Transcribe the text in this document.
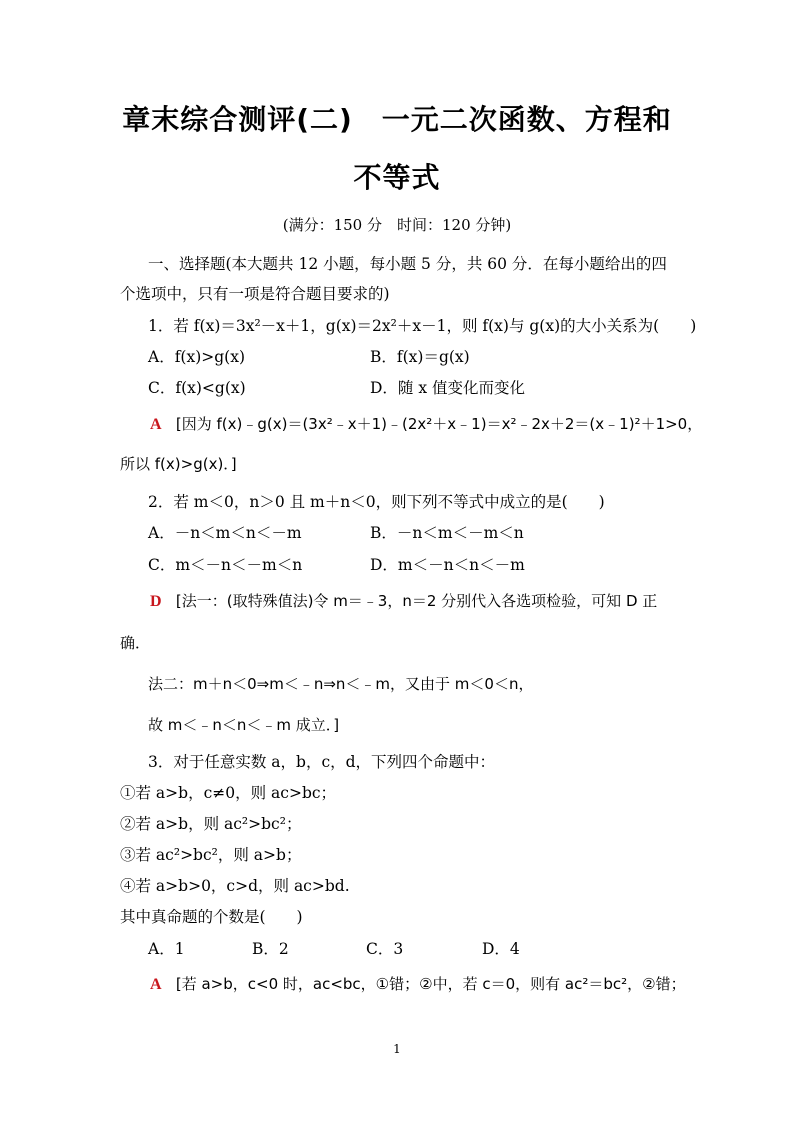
章末综合测评(二)　一元二次函数、方程和
不等式
(满分：150 分　时间：120 分钟)
一、选择题(本大题共 12 小题，每小题 5 分，共 60 分．在每小题给出的四
个选项中，只有一项是符合题目要求的)
1．若 f(x)＝3x²－x＋1，g(x)＝2x²＋x－1，则 f(x)与 g(x)的大小关系为(　　)
A．f(x)>g(x)	B．f(x)＝g(x)
C．f(x)<g(x)	D．随 x 值变化而变化
A [因为 f(x)﹣g(x)＝(3x²﹣x＋1)﹣(2x²＋x﹣1)＝x²﹣2x＋2＝(x﹣1)²＋1>0，
所以 f(x)>g(x)．]
2．若 m＜0，n＞0 且 m＋n＜0，则下列不等式中成立的是(　　)
A．－n＜m＜n＜－m	B．－n＜m＜－m＜n
C．m＜－n＜－m＜n	D．m＜－n＜n＜－m
D [法一：(取特殊值法)令 m＝﹣3，n＝2 分别代入各选项检验，可知 D 正
确．
法二：m＋n＜0⇒m＜﹣n⇒n＜﹣m，又由于 m＜0＜n，
故 m＜﹣n＜n＜﹣m 成立．]
3．对于任意实数 a，b，c，d，下列四个命题中：
①若 a>b，c≠0，则 ac>bc；
②若 a>b，则 ac²>bc²；
③若 ac²>bc²，则 a>b；
④若 a>b>0，c>d，则 ac>bd.
其中真命题的个数是(　　)
A．1	B．2	C．3	D．4
A [若 a>b，c<0 时，ac<bc，①错；②中，若 c＝0，则有 ac²＝bc²，②错；
1
